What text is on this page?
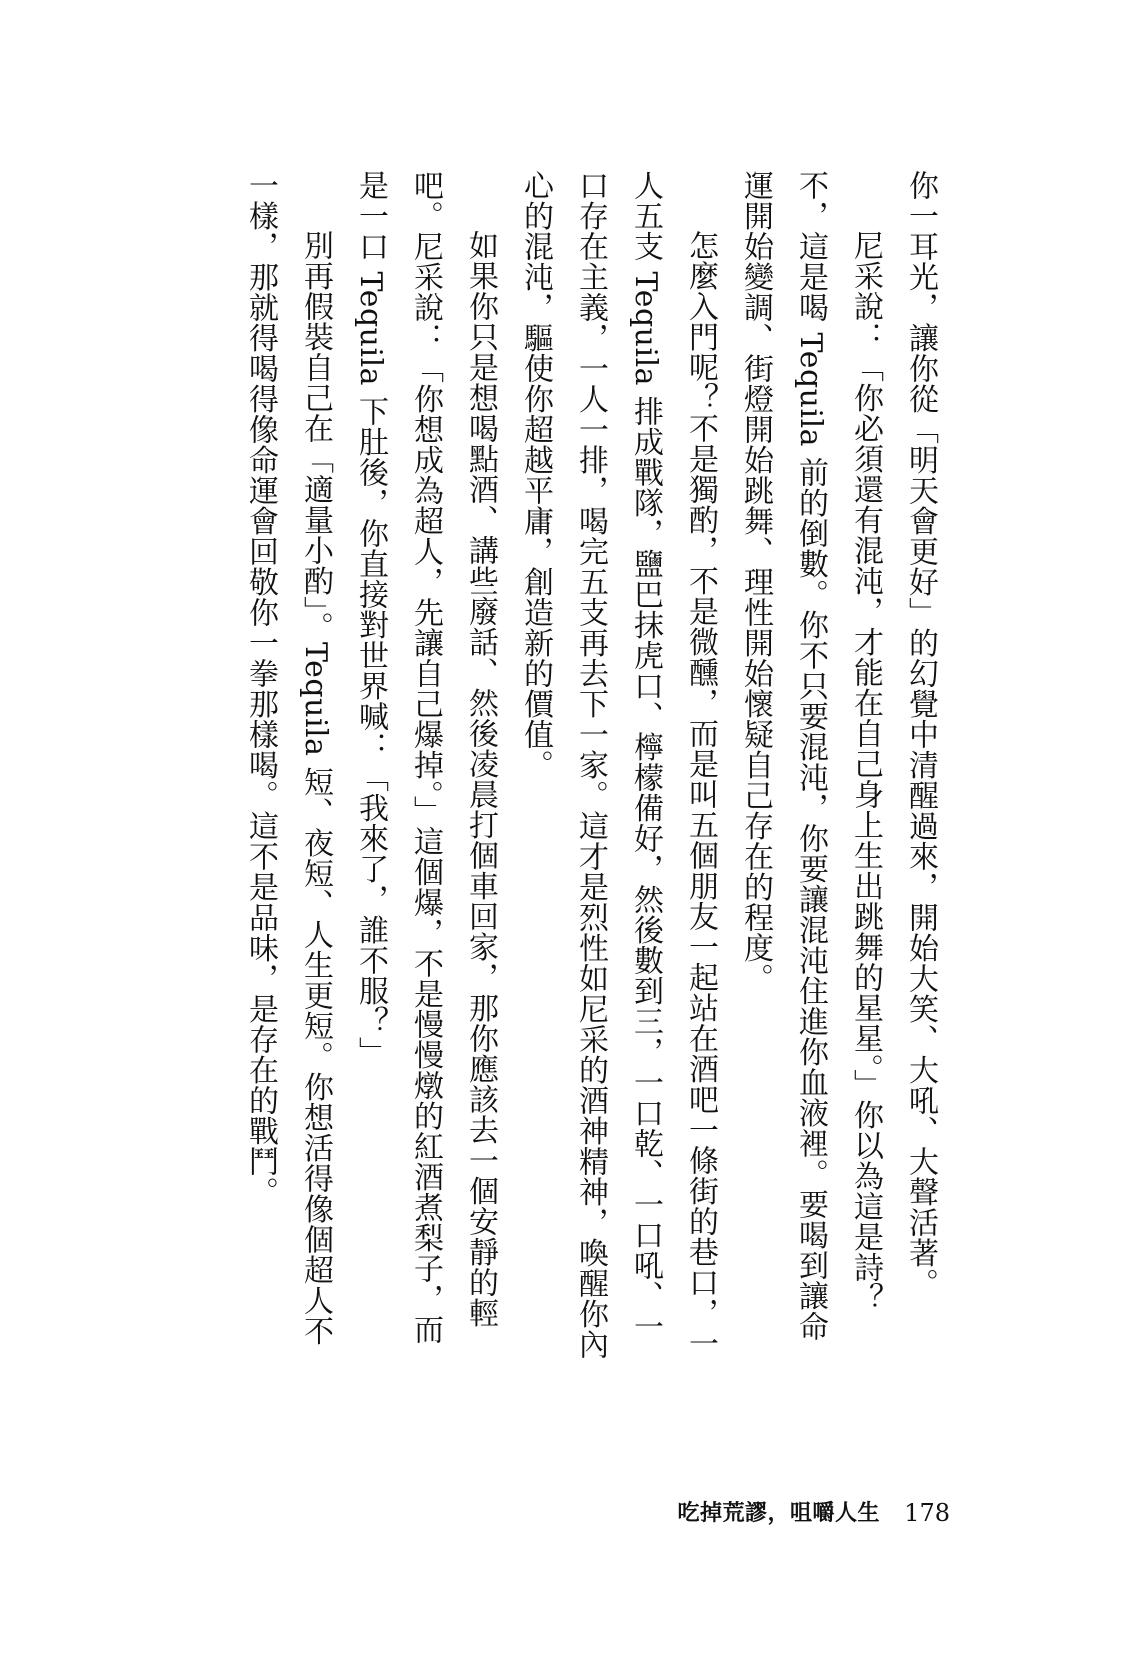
你一耳光，讓你從「明天會更好」的幻覺中清醒過來，開始大笑、大吼、大聲活著。

尼采說：「你必須還有混沌，才能在自己身上生出跳舞的星星。」你以為這是詩？不，這是喝 Tequila 前的倒數。你不只要混沌，你要讓混沌住進你血液裡。要喝到讓命運開始變調、街燈開始跳舞、理性開始懷疑自己存在的程度。

怎麼入門呢？不是獨酌，不是微醺，而是叫五個朋友一起站在酒吧一條街的巷口，一人五支 Tequila 排成戰隊，鹽巴抹虎口、檸檬備好，然後數到三，一口乾、一口吼、一口存在主義，一人一排，喝完五支再去下一家。這才是烈性如尼采的酒神精神，喚醒你內心的混沌，驅使你超越平庸，創造新的價值。

如果你只是想喝點酒、講些廢話、然後凌晨打個車回家，那你應該去一個安靜的輕吧。尼采說：「你想成為超人，先讓自己爆掉。」這個爆，不是慢慢燉的紅酒煮梨子，而是一口 Tequila 下肚後，你直接對世界喊：「我來了，誰不服？」

別再假裝自己在「適量小酌」。Tequila 短、夜短、人生更短。你想活得像個超人不一樣，那就得喝得像命運會回敬你一拳那樣喝。這不是品味，是存在的戰鬥。

吃掉荒謬，咀嚼人生 178
